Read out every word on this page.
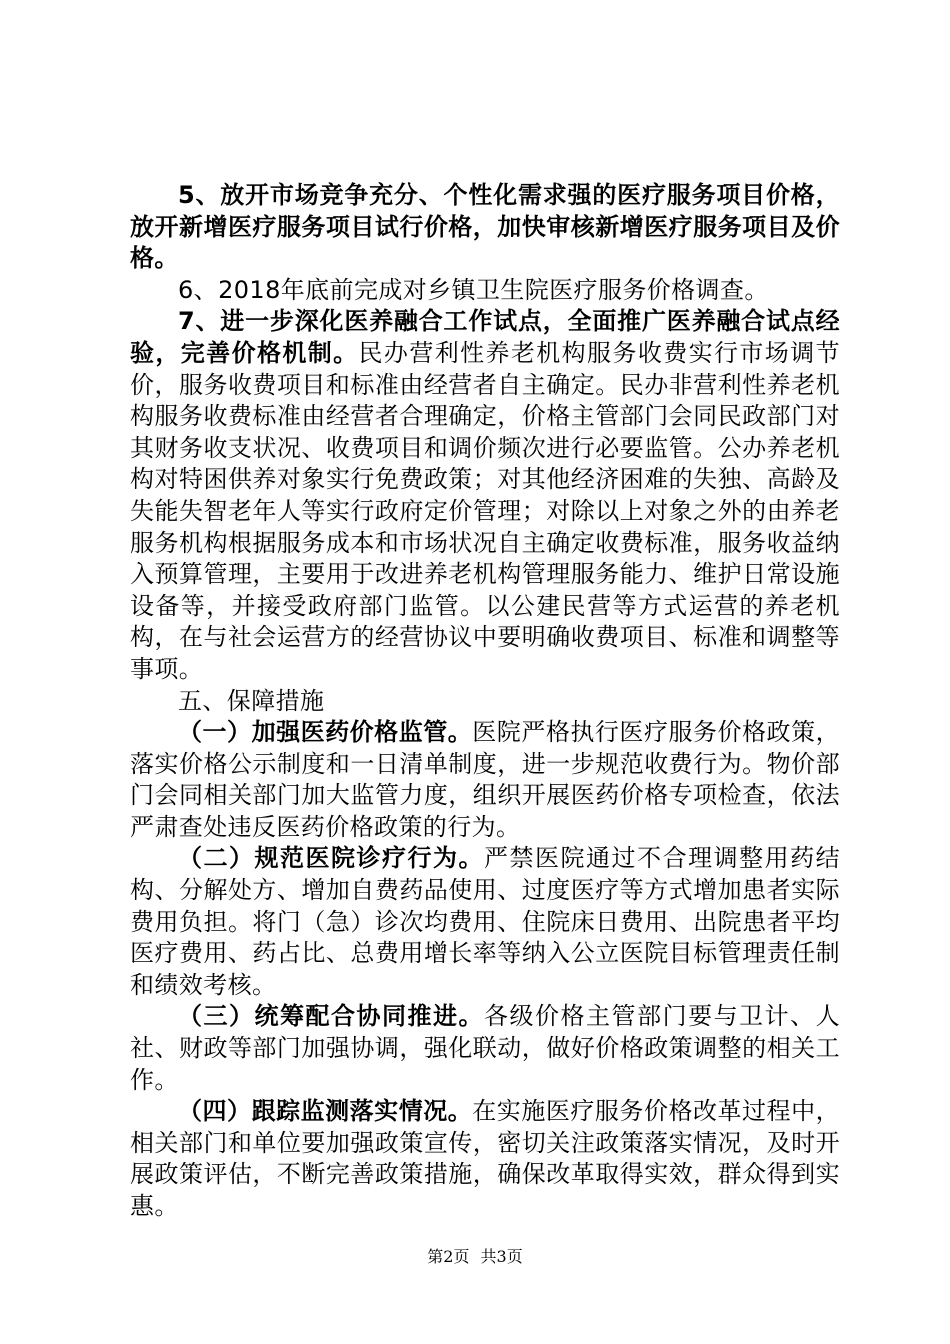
5、放开市场竞争充分、个性化需求强的医疗服务项目价格，放开新增医疗服务项目试行价格，加快审核新增医疗服务项目及价格。

6、2018年底前完成对乡镇卫生院医疗服务价格调查。

7、进一步深化医养融合工作试点，全面推广医养融合试点经验，完善价格机制。民办营利性养老机构服务收费实行市场调节价，服务收费项目和标准由经营者自主确定。民办非营利性养老机构服务收费标准由经营者合理确定，价格主管部门会同民政部门对其财务收支状况、收费项目和调价频次进行必要监管。公办养老机构对特困供养对象实行免费政策；对其他经济困难的失独、高龄及失能失智老年人等实行政府定价管理；对除以上对象之外的由养老服务机构根据服务成本和市场状况自主确定收费标准，服务收益纳入预算管理，主要用于改进养老机构管理服务能力、维护日常设施设备等，并接受政府部门监管。以公建民营等方式运营的养老机构，在与社会运营方的经营协议中要明确收费项目、标准和调整等事项。

五、保障措施

（一）加强医药价格监管。医院严格执行医疗服务价格政策，落实价格公示制度和一日清单制度，进一步规范收费行为。物价部门会同相关部门加大监管力度，组织开展医药价格专项检查，依法严肃查处违反医药价格政策的行为。

（二）规范医院诊疗行为。严禁医院通过不合理调整用药结构、分解处方、增加自费药品使用、过度医疗等方式增加患者实际费用负担。将门（急）诊次均费用、住院床日费用、出院患者平均医疗费用、药占比、总费用增长率等纳入公立医院目标管理责任制和绩效考核。

（三）统筹配合协同推进。各级价格主管部门要与卫计、人社、财政等部门加强协调，强化联动，做好价格政策调整的相关工作。

（四）跟踪监测落实情况。在实施医疗服务价格改革过程中，相关部门和单位要加强政策宣传，密切关注政策落实情况，及时开展政策评估，不断完善政策措施，确保改革取得实效，群众得到实惠。

第2页 共3页
